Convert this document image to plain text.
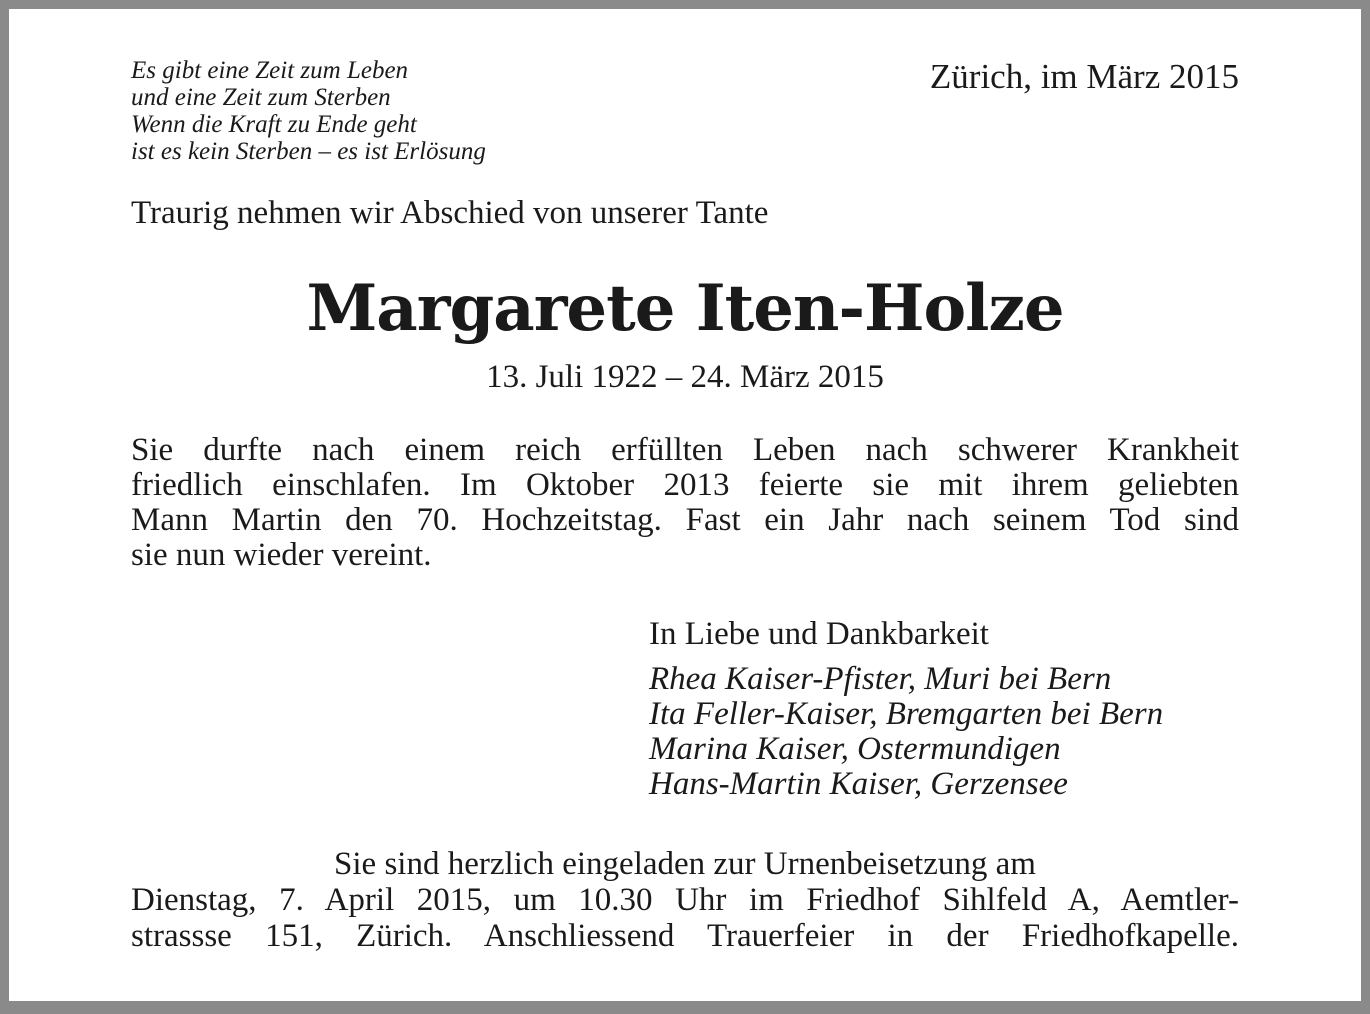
Es gibt eine Zeit zum Leben
und eine Zeit zum Sterben
Wenn die Kraft zu Ende geht
ist es kein Sterben – es ist Erlösung
Zürich, im März 2015
Traurig nehmen wir Abschied von unserer Tante
Margarete Iten-Holze
13. Juli 1922 – 24. März 2015
Sie durfte nach einem reich erfüllten Leben nach schwerer Krankheit
friedlich einschlafen. Im Oktober 2013 feierte sie mit ihrem geliebten
Mann Martin den 70. Hochzeitstag. Fast ein Jahr nach seinem Tod sind
sie nun wieder vereint.
In Liebe und Dankbarkeit
Rhea Kaiser-Pfister, Muri bei Bern
Ita Feller-Kaiser, Bremgarten bei Bern
Marina Kaiser, Ostermundigen
Hans-Martin Kaiser, Gerzensee
Sie sind herzlich eingeladen zur Urnenbeisetzung am
Dienstag, 7. April 2015, um 10.30 Uhr im Friedhof Sihlfeld A, Aemtler-
strassse 151, Zürich. Anschliessend Trauerfeier in der Friedhofkapelle.
